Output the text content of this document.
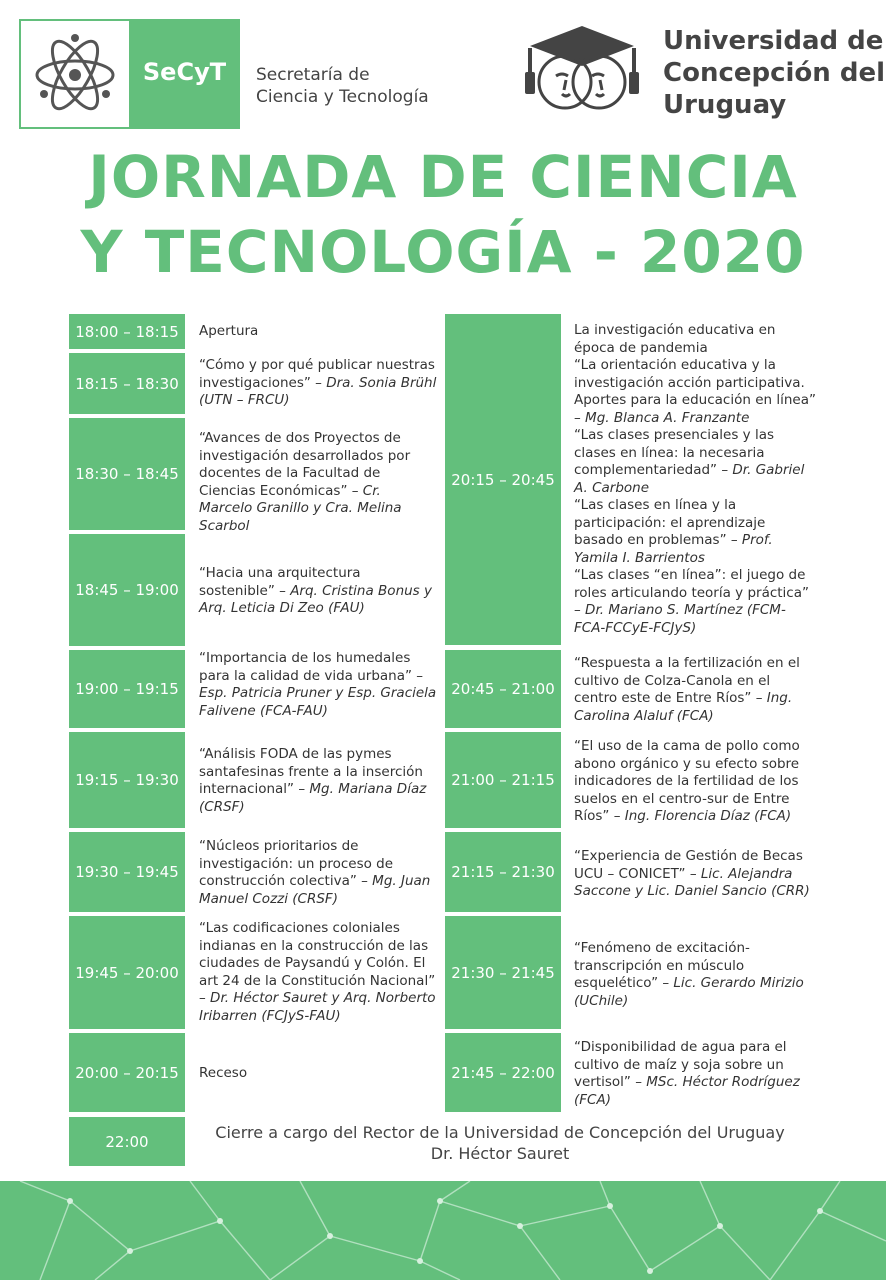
SeCyT	Secretaría de
Ciencia y Tecnología
Universidad de
Concepción del
Uruguay
JORNADA DE CIENCIA
Y TECNOLOGÍA - 2020
18:00 – 18:15	Apertura
18:15 – 18:30
“Cómo y por qué publicar nuestras investigaciones” – Dra. Sonia Brühl (UTN – FRCU)
18:30 – 18:45
“Avances de dos Proyectos de investigación desarrollados por docentes de la Facultad de Ciencias Económicas” – Cr. Marcelo Granillo y Cra. Melina Scarbol
18:45 – 19:00
“Hacia una arquitectura sostenible” – Arq. Cristina Bonus y Arq. Leticia Di Zeo (FAU)
19:00 – 19:15
“Importancia de los humedales para la calidad de vida urbana” – Esp. Patricia Pruner y Esp. Graciela Falivene (FCA-FAU)
19:15 – 19:30
“Análisis FODA de las pymes santafesinas frente a la inserción internacional” – Mg. Mariana Díaz (CRSF)
19:30 – 19:45
“Núcleos prioritarios de investigación: un proceso de construcción colectiva” – Mg. Juan Manuel Cozzi (CRSF)
19:45 – 20:00
“Las codificaciones coloniales indianas en la construcción de las ciudades de Paysandú y Colón. El art 24 de la Constitución Nacional” – Dr. Héctor Sauret y Arq. Norberto Iribarren (FCJyS-FAU)
20:00 – 20:15	Receso
20:15 – 20:45
La investigación educativa en época de pandemia
“La orientación educativa y la investigación acción participativa. Aportes para la educación en línea” – Mg. Blanca A. Franzante
“Las clases presenciales y las clases en línea: la necesaria complementariedad” – Dr. Gabriel A. Carbone
“Las clases en línea y la participación: el aprendizaje basado en problemas” – Prof. Yamila I. Barrientos
“Las clases “en línea”: el juego de roles articulando teoría y práctica” – Dr. Mariano S. Martínez (FCM-FCA-FCCyE-FCJyS)
20:45 – 21:00
“Respuesta a la fertilización en el cultivo de Colza-Canola en el centro este de Entre Ríos” – Ing. Carolina Alaluf (FCA)
21:00 – 21:15
“El uso de la cama de pollo como abono orgánico y su efecto sobre indicadores de la fertilidad de los suelos en el centro-sur de Entre Ríos” – Ing. Florencia Díaz (FCA)
21:15 – 21:30
“Experiencia de Gestión de Becas UCU – CONICET” – Lic. Alejandra Saccone y Lic. Daniel Sancio (CRR)
21:30 – 21:45
“Fenómeno de excitación-transcripción en músculo esquelético” – Lic. Gerardo Mirizio (UChile)
21:45 – 22:00
“Disponibilidad de agua para el cultivo de maíz y soja sobre un vertisol” – MSc. Héctor Rodríguez (FCA)
22:00	Cierre a cargo del Rector de la Universidad de Concepción del Uruguay
Dr. Héctor Sauret
